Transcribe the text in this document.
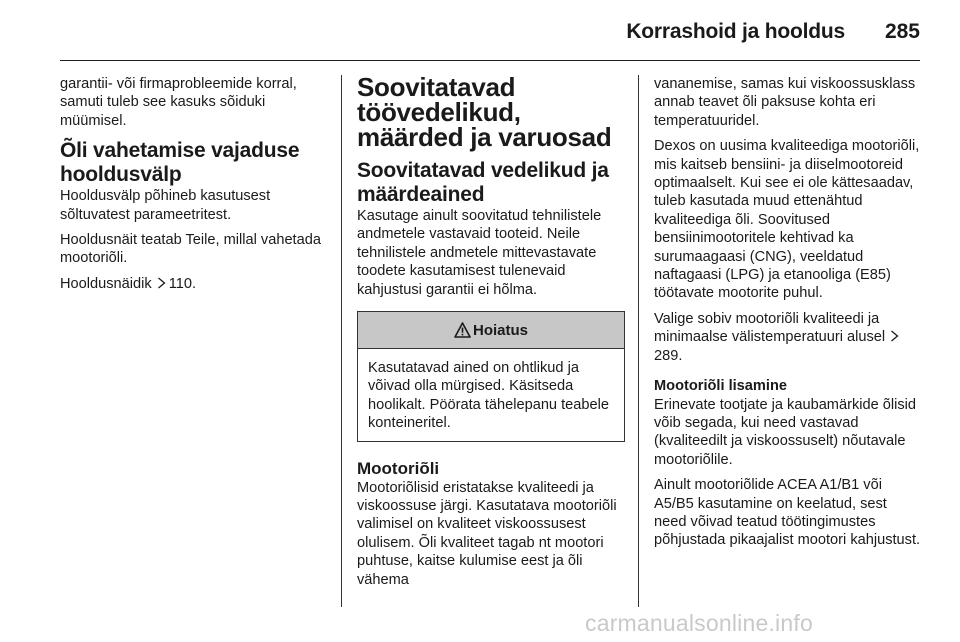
Korrashoid ja hooldus	285

garantii- või firmaprobleemide korral, samuti tuleb see kasuks sõiduki müümisel.

Õli vahetamise vajaduse hooldusvälp

Hooldusvälp põhineb kasutusest sõltuvatest parameetritest.

Hooldusnäit teatab Teile, millal vahetada mootoriõli.

Hooldusnäidik 110.

Soovitatavad töövedelikud, määrded ja varuosad
Soovitatavad vedelikud ja määrdeained

Kasutage ainult soovitatud tehnilistele andmetele vastavaid tooteid. Neile tehnilistele andmetele mittevastavate toodete kasutamisest tulenevaid kahjustusi garantii ei hõlma.

Hoiatus

Kasutatavad ained on ohtlikud ja võivad olla mürgised. Käsitseda hoolikalt. Pöörata tähelepanu teabele konteineritel.

Mootoriõli

Mootoriõlisid eristatakse kvaliteedi ja viskoossuse järgi. Kasutatava mootoriõli valimisel on kvaliteet viskoossusest olulisem. Õli kvaliteet tagab nt mootori puhtuse, kaitse kulumise eest ja õli vähema

vananemise, samas kui viskoossusklass annab teavet õli paksuse kohta eri temperatuuridel.

Dexos on uusima kvaliteediga mootoriõli, mis kaitseb bensiini- ja diiselmootoreid optimaalselt. Kui see ei ole kättesaadav, tuleb kasutada muud ettenähtud kvaliteediga õli. Soovitused bensiinimootoritele kehtivad ka surumaagaasi (CNG), veeldatud naftagaasi (LPG) ja etanooliga (E85) töötavate mootorite puhul.

Valige sobiv mootoriõli kvaliteedi ja minimaalse välistemperatuuri alusel 289.

Mootoriõli lisamine

Erinevate tootjate ja kaubamärkide õlisid võib segada, kui need vastavad (kvaliteedilt ja viskoossuselt) nõutavale mootoriõlile.

Ainult mootoriõlide ACEA A1/B1 või A5/B5 kasutamine on keelatud, sest need võivad teatud töötingimustes põhjustada pikaajalist mootori kahjustust.

carmanualsonline.info
